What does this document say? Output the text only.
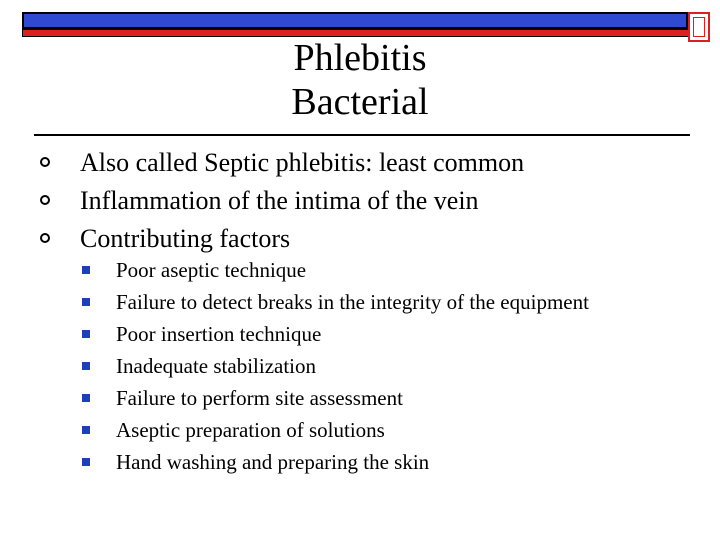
Phlebitis
Bacterial
Also called Septic phlebitis: least common
Inflammation of the intima of the vein
Contributing factors
Poor aseptic technique
Failure to detect breaks in the integrity of the equipment
Poor insertion technique
Inadequate stabilization
Failure to perform site assessment
Aseptic preparation of solutions
Hand washing and preparing the skin
